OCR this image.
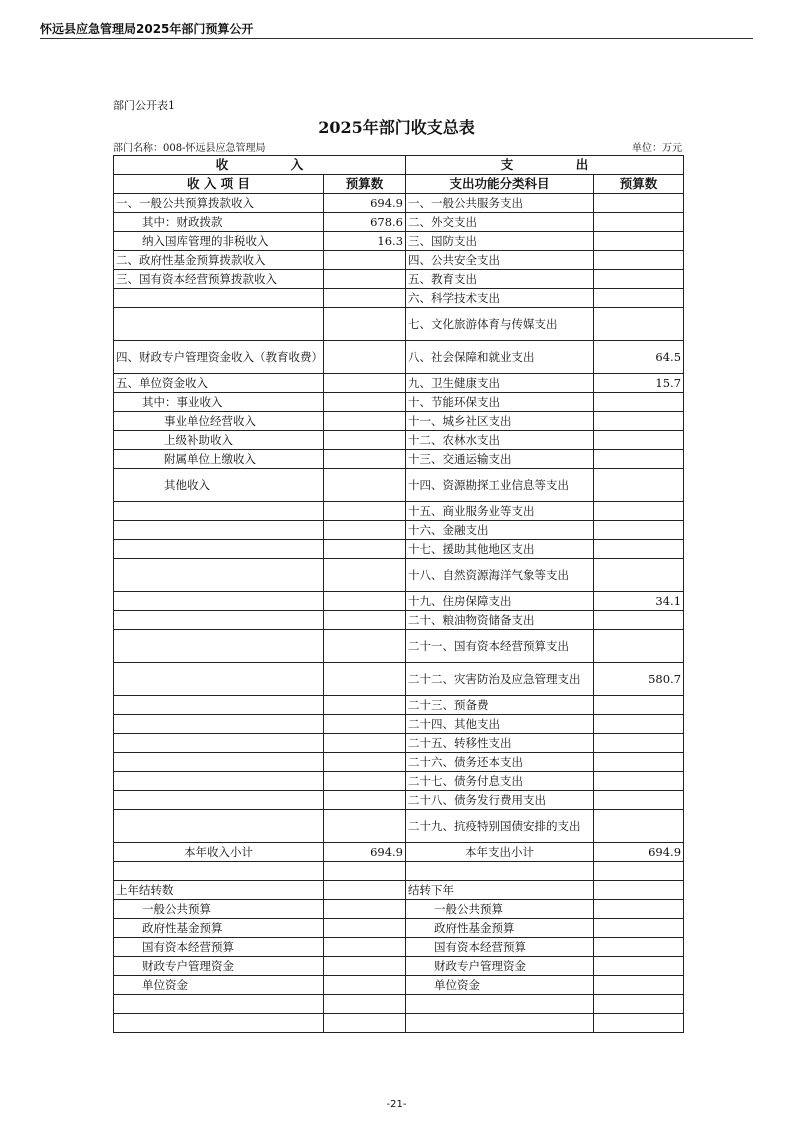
怀远县应急管理局2025年部门预算公开
部门公开表1
2025年部门收支总表
部门名称：008-怀远县应急管理局	单位：万元
收　　　　　入		支　　　　　出	
收 入 项 目	预算数	支出功能分类科目	预算数
一、一般公共预算拨款收入	694.9	一、一般公共服务支出	
其中：财政拨款	678.6	二、外交支出	
纳入国库管理的非税收入	16.3	三、国防支出	
二、政府性基金预算拨款收入		四、公共安全支出	
三、国有资本经营预算拨款收入		五、教育支出	
		六、科学技术支出	
		七、文化旅游体育与传媒支出	
四、财政专户管理资金收入（教育收费）		八、社会保障和就业支出	64.5
五、单位资金收入		九、卫生健康支出	15.7
其中：事业收入		十、节能环保支出	
事业单位经营收入		十一、城乡社区支出	
上级补助收入		十二、农林水支出	
附属单位上缴收入		十三、交通运输支出	
其他收入		十四、资源勘探工业信息等支出	
		十五、商业服务业等支出	
		十六、金融支出	
		十七、援助其他地区支出	
		十八、自然资源海洋气象等支出	
		十九、住房保障支出	34.1
		二十、粮油物资储备支出	
		二十一、国有资本经营预算支出	
		二十二、灾害防治及应急管理支出	580.7
		二十三、预备费	
		二十四、其他支出	
		二十五、转移性支出	
		二十六、债务还本支出	
		二十七、债务付息支出	
		二十八、债务发行费用支出	
		二十九、抗疫特别国债安排的支出	
本年收入小计	694.9	本年支出小计	694.9

上年结转数		结转下年	
一般公共预算		一般公共预算	
政府性基金预算		政府性基金预算	
国有资本经营预算		国有资本经营预算	
财政专户管理资金		财政专户管理资金	
单位资金		单位资金	

-21-
